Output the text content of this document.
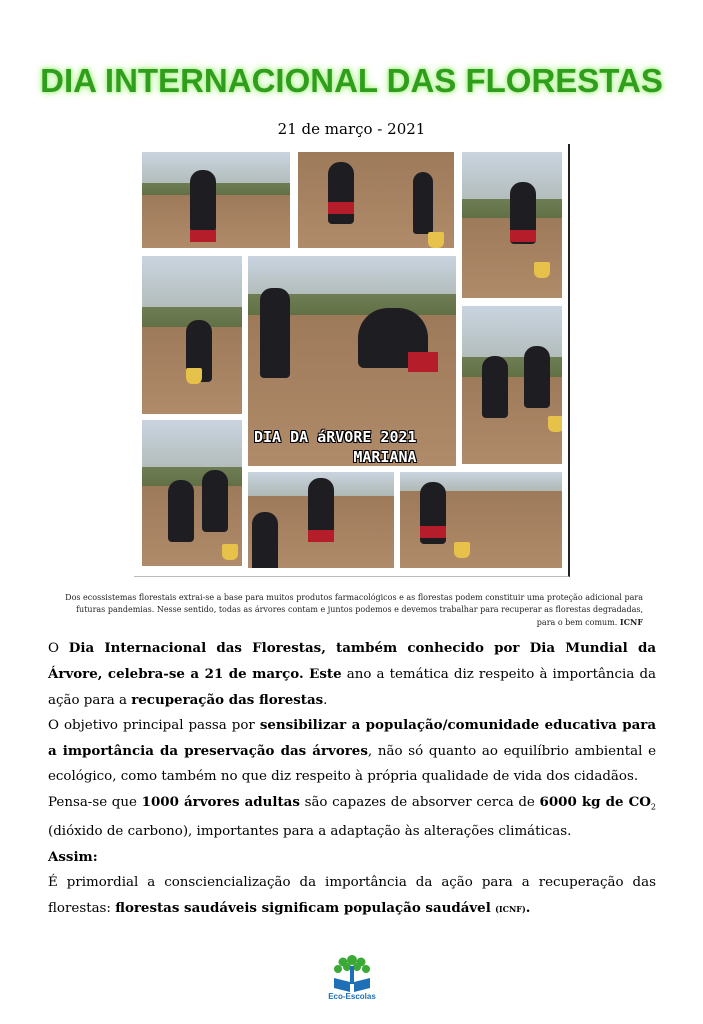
DIA INTERNACIONAL DAS FLORESTAS
21 de março - 2021
DIA DA áRVORE 2021
MARIANA
Dos ecossistemas florestais extrai-se a base para muitos produtos farmacológicos e as florestas podem constituir uma proteção adicional para futuras pandemias. Nesse sentido, todas as árvores contam e juntos podemos e devemos trabalhar para recuperar as florestas degradadas, para o bem comum. ICNF

O Dia Internacional das Florestas, também conhecido por Dia Mundial da Árvore, celebra-se a 21 de março. Este ano a temática diz respeito à importância da ação para a recuperação das florestas.

O objetivo principal passa por sensibilizar a população/comunidade educativa para a importância da preservação das árvores, não só quanto ao equilíbrio ambiental e ecológico, como também no que diz respeito à própria qualidade de vida dos cidadãos.

Pensa-se que 1000 árvores adultas são capazes de absorver cerca de 6000 kg de $CO_2$ (dióxido de carbono), importantes para a adaptação às alterações climáticas.

Assim:

É primordial a consciencialização da importância da ação para a recuperação das florestas: florestas saudáveis significam população saudável (ICNF).

Eco-Escolas
